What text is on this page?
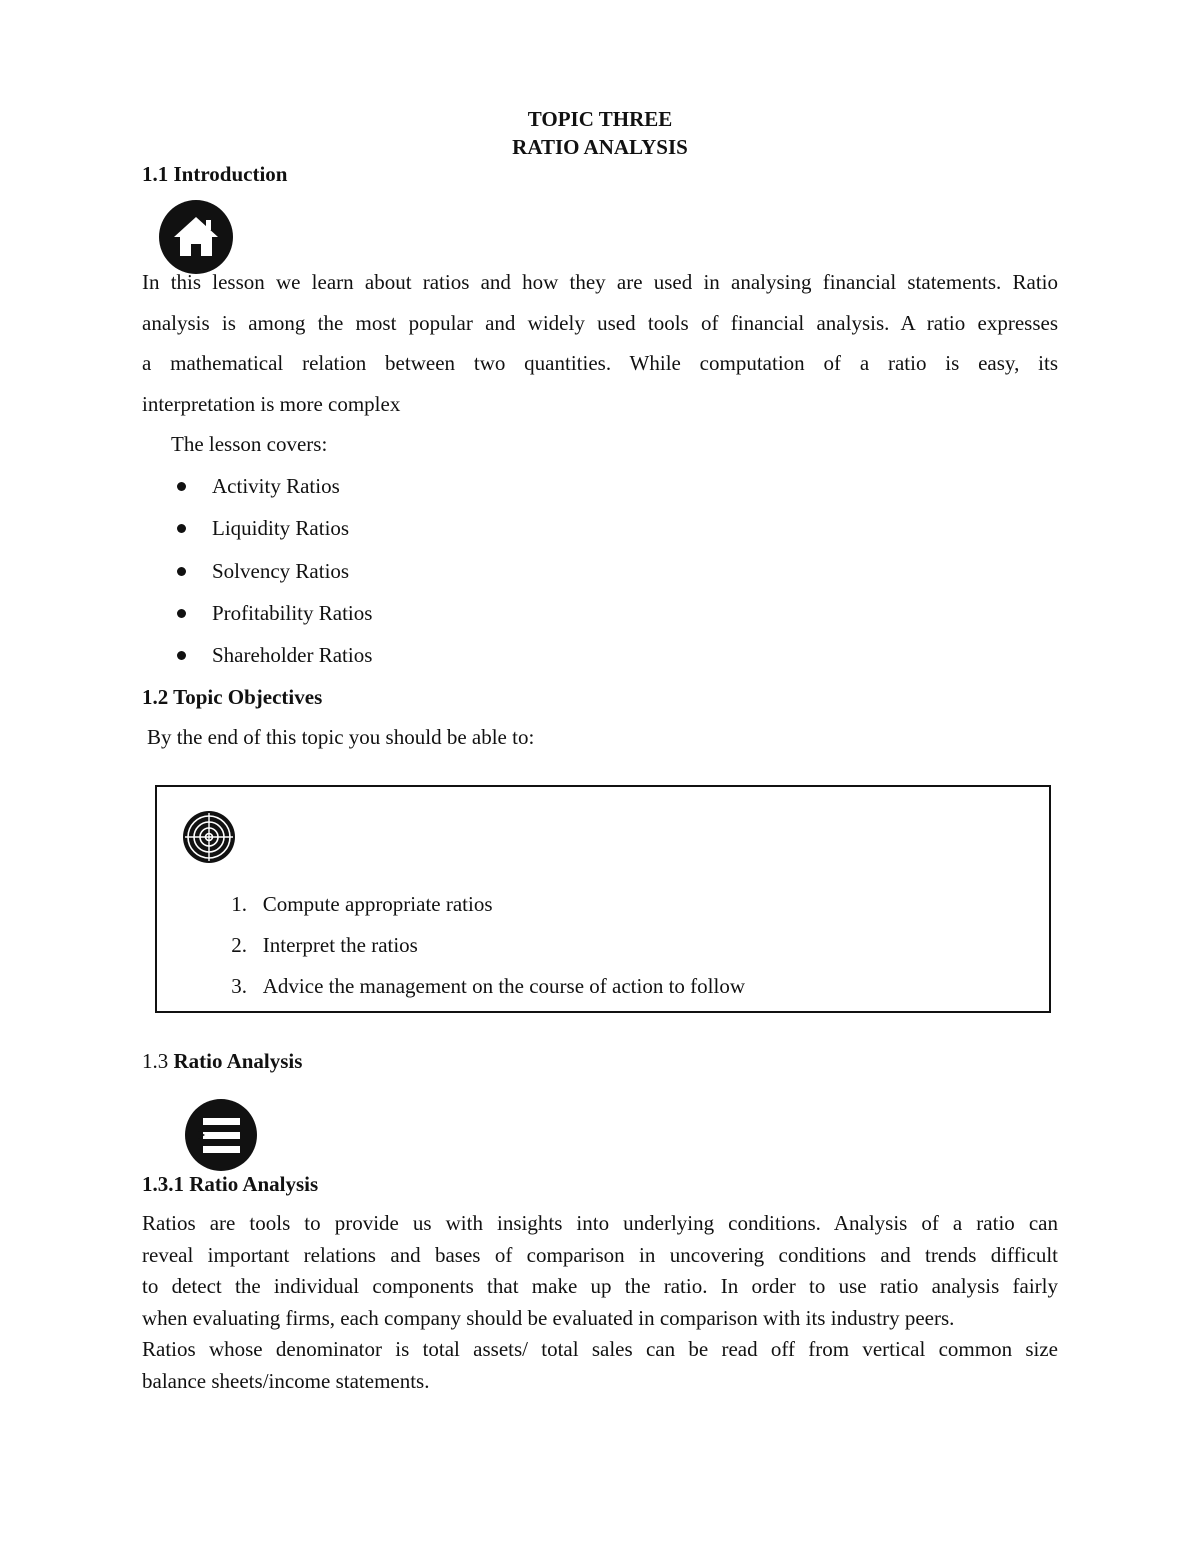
TOPIC THREE
RATIO ANALYSIS
1.1 Introduction
In this lesson we learn about ratios and how they are used in analysing financial statements. Ratio
analysis is among the most popular and widely used tools of financial analysis. A ratio expresses
a mathematical relation between two quantities. While computation of a ratio is easy, its
interpretation is more complex
The lesson covers:
Activity Ratios
Liquidity Ratios
Solvency Ratios
Profitability Ratios
Shareholder Ratios
1.2 Topic Objectives
By the end of this topic you should be able to:
1. Compute appropriate ratios
2. Interpret the ratios
3. Advice the management on the course of action to follow
1.3 Ratio Analysis
1.3.1 Ratio Analysis
Ratios are tools to provide us with insights into underlying conditions. Analysis of a ratio can
reveal important relations and bases of comparison in uncovering conditions and trends difficult
to detect the individual components that make up the ratio. In order to use ratio analysis fairly
when evaluating firms, each company should be evaluated in comparison with its industry peers.
Ratios whose denominator is total assets/ total sales can be read off from vertical common size
balance sheets/income statements.
